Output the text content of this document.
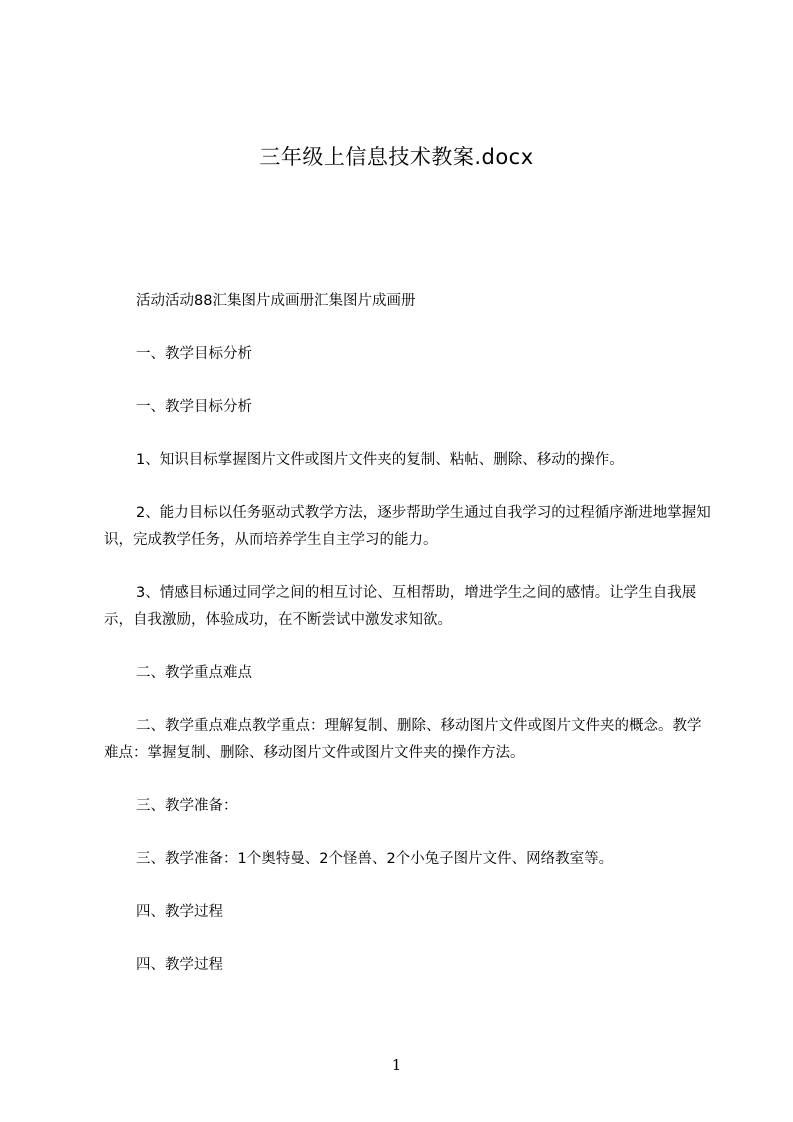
三年级上信息技术教案.docx

活动活动88汇集图片成画册汇集图片成画册

一、教学目标分析

一、教学目标分析

1、知识目标掌握图片文件或图片文件夹的复制、粘帖、删除、移动的操作。

2、能力目标以任务驱动式教学方法，逐步帮助学生通过自我学习的过程循序渐进地掌握知识，完成教学任务，从而培养学生自主学习的能力。

3、情感目标通过同学之间的相互讨论、互相帮助，增进学生之间的感情。让学生自我展示，自我激励，体验成功，在不断尝试中激发求知欲。

二、教学重点难点

二、教学重点难点教学重点：理解复制、删除、移动图片文件或图片文件夹的概念。教学难点：掌握复制、删除、移动图片文件或图片文件夹的操作方法。

三、教学准备：

三、教学准备：1个奥特曼、2个怪兽、2个小兔子图片文件、网络教室等。

四、教学过程

四、教学过程

1
